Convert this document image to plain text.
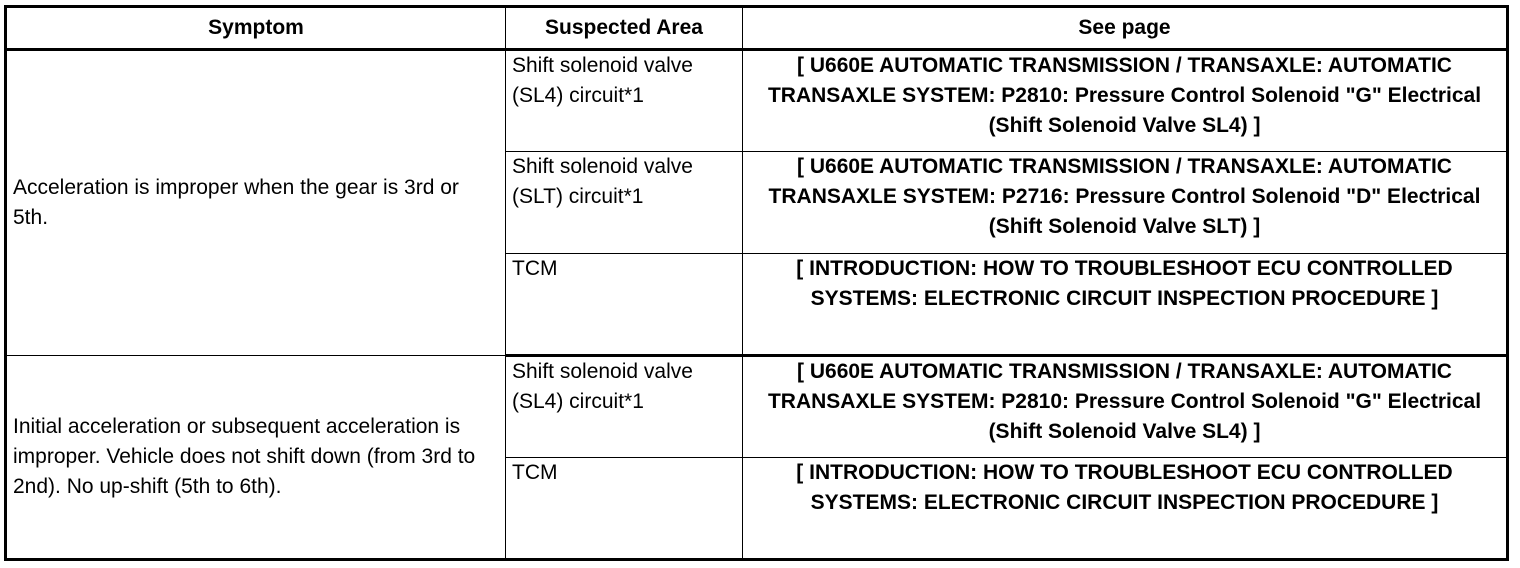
Symptom	Suspected Area	See page
Acceleration is improper when the gear is 3rd or 5th.	Shift solenoid valve (SL4) circuit*1	[ U660E AUTOMATIC TRANSMISSION / TRANSAXLE: AUTOMATIC TRANSAXLE SYSTEM: P2810: Pressure Control Solenoid "G" Electrical (Shift Solenoid Valve SL4) ]
	Shift solenoid valve (SLT) circuit*1	[ U660E AUTOMATIC TRANSMISSION / TRANSAXLE: AUTOMATIC TRANSAXLE SYSTEM: P2716: Pressure Control Solenoid "D" Electrical (Shift Solenoid Valve SLT) ]
	TCM	[ INTRODUCTION: HOW TO TROUBLESHOOT ECU CONTROLLED SYSTEMS: ELECTRONIC CIRCUIT INSPECTION PROCEDURE ]
Initial acceleration or subsequent acceleration is improper. Vehicle does not shift down (from 3rd to 2nd). No up-shift (5th to 6th).	Shift solenoid valve (SL4) circuit*1	[ U660E AUTOMATIC TRANSMISSION / TRANSAXLE: AUTOMATIC TRANSAXLE SYSTEM: P2810: Pressure Control Solenoid "G" Electrical (Shift Solenoid Valve SL4) ]
	TCM	[ INTRODUCTION: HOW TO TROUBLESHOOT ECU CONTROLLED SYSTEMS: ELECTRONIC CIRCUIT INSPECTION PROCEDURE ]
